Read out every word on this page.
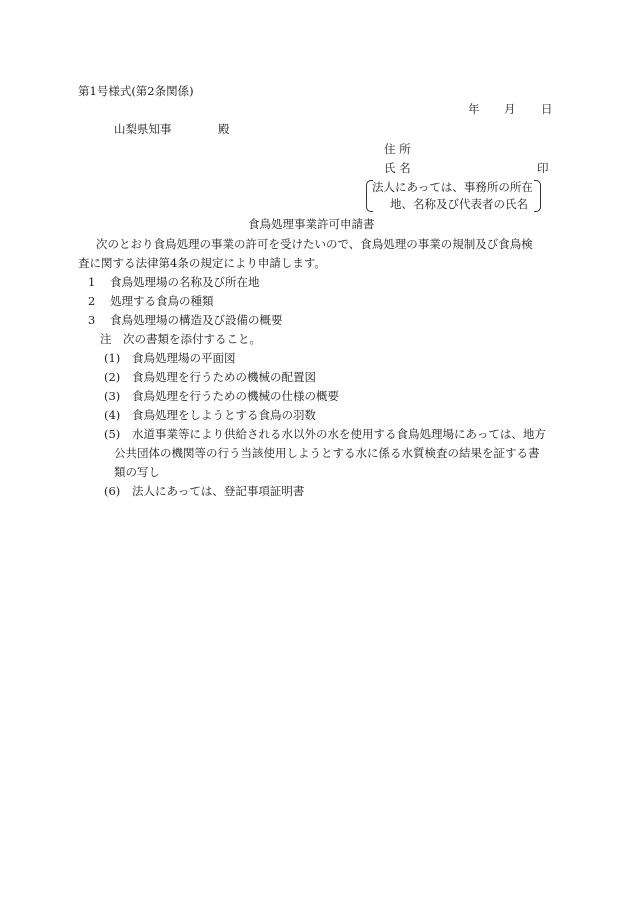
第1号様式(第2条関係)
年 月 日
山梨県知事	殿
住 所
氏 名	印
法人にあっては、事務所の所在
地、名称及び代表者の氏名
食鳥処理事業許可申請書
次のとおり食鳥処理の事業の許可を受けたいので、食鳥処理の事業の規制及び食鳥検
査に関する法律第4条の規定により申請します。
1 食鳥処理場の名称及び所在地
2 処理する食鳥の種類
3 食鳥処理場の構造及び設備の概要
注　次の書類を添付すること。
(1) 食鳥処理場の平面図
(2) 食鳥処理を行うための機械の配置図
(3) 食鳥処理を行うための機械の仕様の概要
(4) 食鳥処理をしようとする食鳥の羽数
(5) 水道事業等により供給される水以外の水を使用する食鳥処理場にあっては、地方
公共団体の機関等の行う当該使用しようとする水に係る水質検査の結果を証する書
類の写し
(6) 法人にあっては、登記事項証明書
